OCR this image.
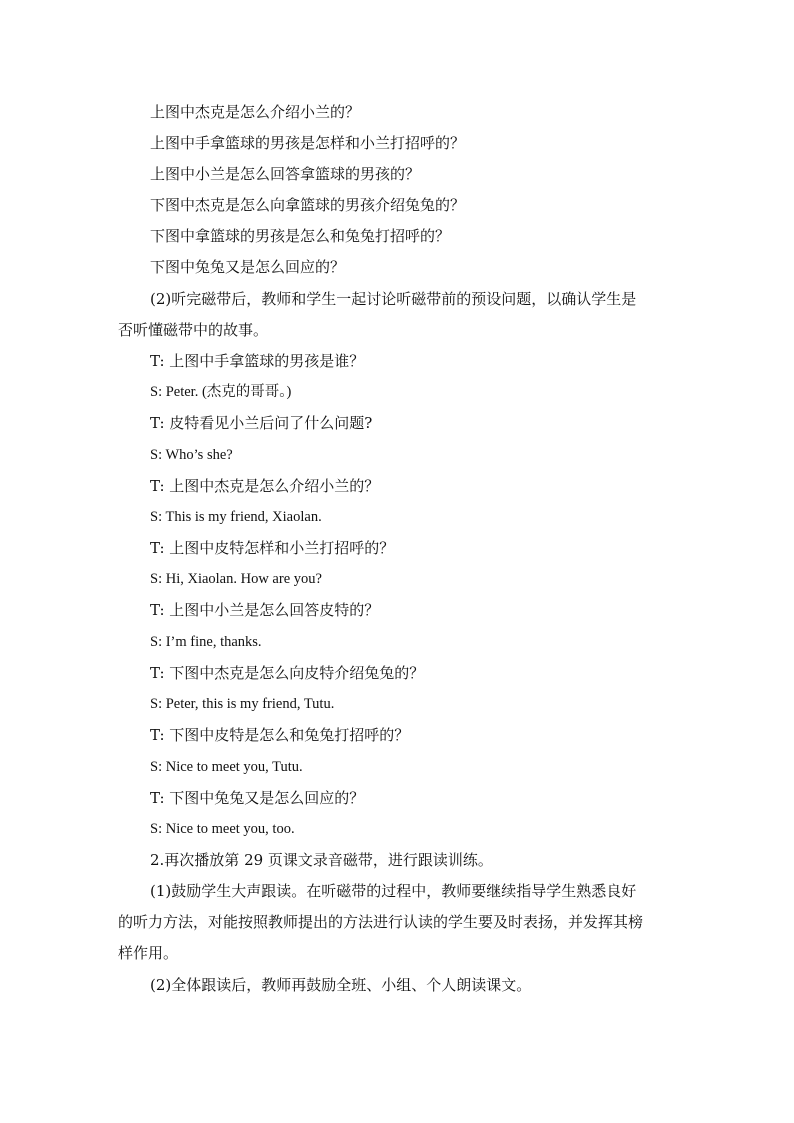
上图中杰克是怎么介绍小兰的？
上图中手拿篮球的男孩是怎样和小兰打招呼的？
上图中小兰是怎么回答拿篮球的男孩的？
下图中杰克是怎么向拿篮球的男孩介绍兔兔的？
下图中拿篮球的男孩是怎么和兔兔打招呼的？
下图中兔兔又是怎么回应的？
(2)听完磁带后，教师和学生一起讨论听磁带前的预设问题，以确认学生是
否听懂磁带中的故事。
T: 上图中手拿篮球的男孩是谁？
S: Peter. (杰克的哥哥。)
T: 皮特看见小兰后问了什么问题?
S: Who’s she?
T: 上图中杰克是怎么介绍小兰的？
S: This is my friend, Xiaolan.
T: 上图中皮特怎样和小兰打招呼的？
S: Hi, Xiaolan. How are you?
T: 上图中小兰是怎么回答皮特的？
S: I’m fine, thanks.
T: 下图中杰克是怎么向皮特介绍兔兔的？
S: Peter, this is my friend, Tutu.
T: 下图中皮特是怎么和兔兔打招呼的？
S: Nice to meet you, Tutu.
T: 下图中兔兔又是怎么回应的？
S: Nice to meet you, too.
2.再次播放第 29 页课文录音磁带，进行跟读训练。
(1)鼓励学生大声跟读。在听磁带的过程中，教师要继续指导学生熟悉良好
的听力方法，对能按照教师提出的方法进行认读的学生要及时表扬，并发挥其榜
样作用。
(2)全体跟读后，教师再鼓励全班、小组、个人朗读课文。
